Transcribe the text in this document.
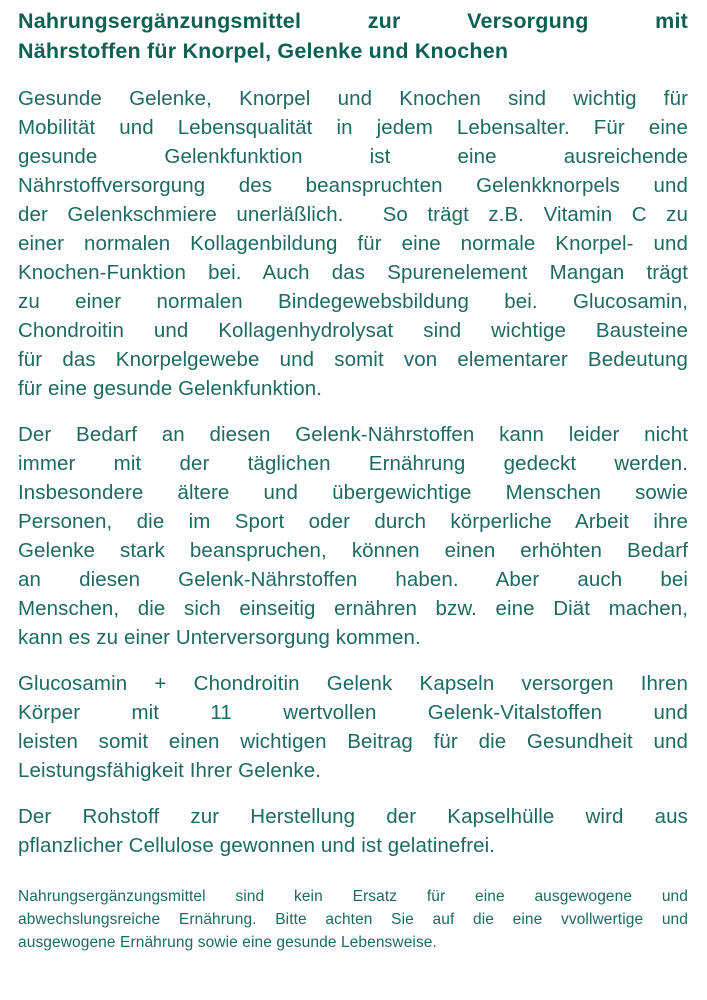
Nahrungsergänzungsmittel zur Versorgung mit
Nährstoffen für Knorpel, Gelenke und Knochen

Gesunde Gelenke, Knorpel und Knochen sind wichtig für
Mobilität und Lebensqualität in jedem Lebensalter. Für eine
gesunde Gelenkfunktion ist eine ausreichende
Nährstoffversorgung des beanspruchten Gelenkknorpels und
der Gelenkschmiere unerläßlich.  So trägt z.B. Vitamin C zu
einer normalen Kollagenbildung für eine normale Knorpel- und
Knochen-Funktion bei. Auch das Spurenelement Mangan trägt
zu einer normalen Bindegewebsbildung bei. Glucosamin,
Chondroitin und Kollagenhydrolysat sind wichtige Bausteine
für das Knorpelgewebe und somit von elementarer Bedeutung
für eine gesunde Gelenkfunktion.

Der Bedarf an diesen Gelenk-Nährstoffen kann leider nicht
immer mit der täglichen Ernährung gedeckt werden.
Insbesondere ältere und übergewichtige Menschen sowie
Personen, die im Sport oder durch körperliche Arbeit ihre
Gelenke stark beanspruchen, können einen erhöhten Bedarf
an diesen Gelenk-Nährstoffen haben. Aber auch bei
Menschen, die sich einseitig ernähren bzw. eine Diät machen,
kann es zu einer Unterversorgung kommen.

Glucosamin + Chondroitin Gelenk Kapseln versorgen Ihren
Körper mit 11 wertvollen Gelenk-Vitalstoffen und
leisten somit einen wichtigen Beitrag für die Gesundheit und
Leistungsfähigkeit Ihrer Gelenke.

Der Rohstoff zur Herstellung der Kapselhülle wird aus
pflanzlicher Cellulose gewonnen und ist gelatinefrei.

Nahrungsergänzungsmittel sind kein Ersatz für eine ausgewogene und
abwechslungsreiche Ernährung. Bitte achten Sie auf die eine vvollwertige und
ausgewogene Ernährung sowie eine gesunde Lebensweise.
